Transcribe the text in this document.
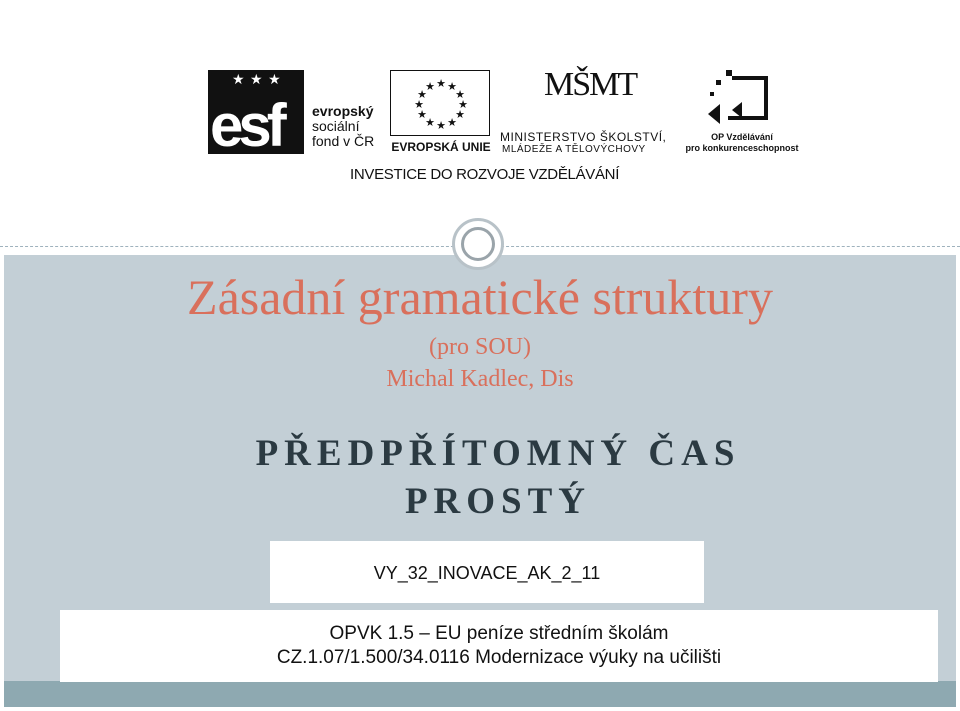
★ ★ ★
esf evropský
sociální
fond v ČR
★ ★
★
★
★
★
★
★
★
★
★
★
EVROPSKÁ UNIE
MŠMT
MINISTERSTVO ŠKOLSTVÍ,
MLÁDEŽE A TĚLOVÝCHOVY
OP Vzdělávání
pro konkurenceschopnost
INVESTICE DO ROZVOJE VZDĚLÁVÁNÍ
Zásadní gramatické struktury
(pro SOU)
Michal Kadlec, Dis
PŘEDPŘÍTOMNÝ ČAS
PROSTÝ
VY_32_INOVACE_AK_2_11
OPVK 1.5 – EU peníze středním školám
CZ.1.07/1.500/34.0116 Modernizace výuky na učilišti
